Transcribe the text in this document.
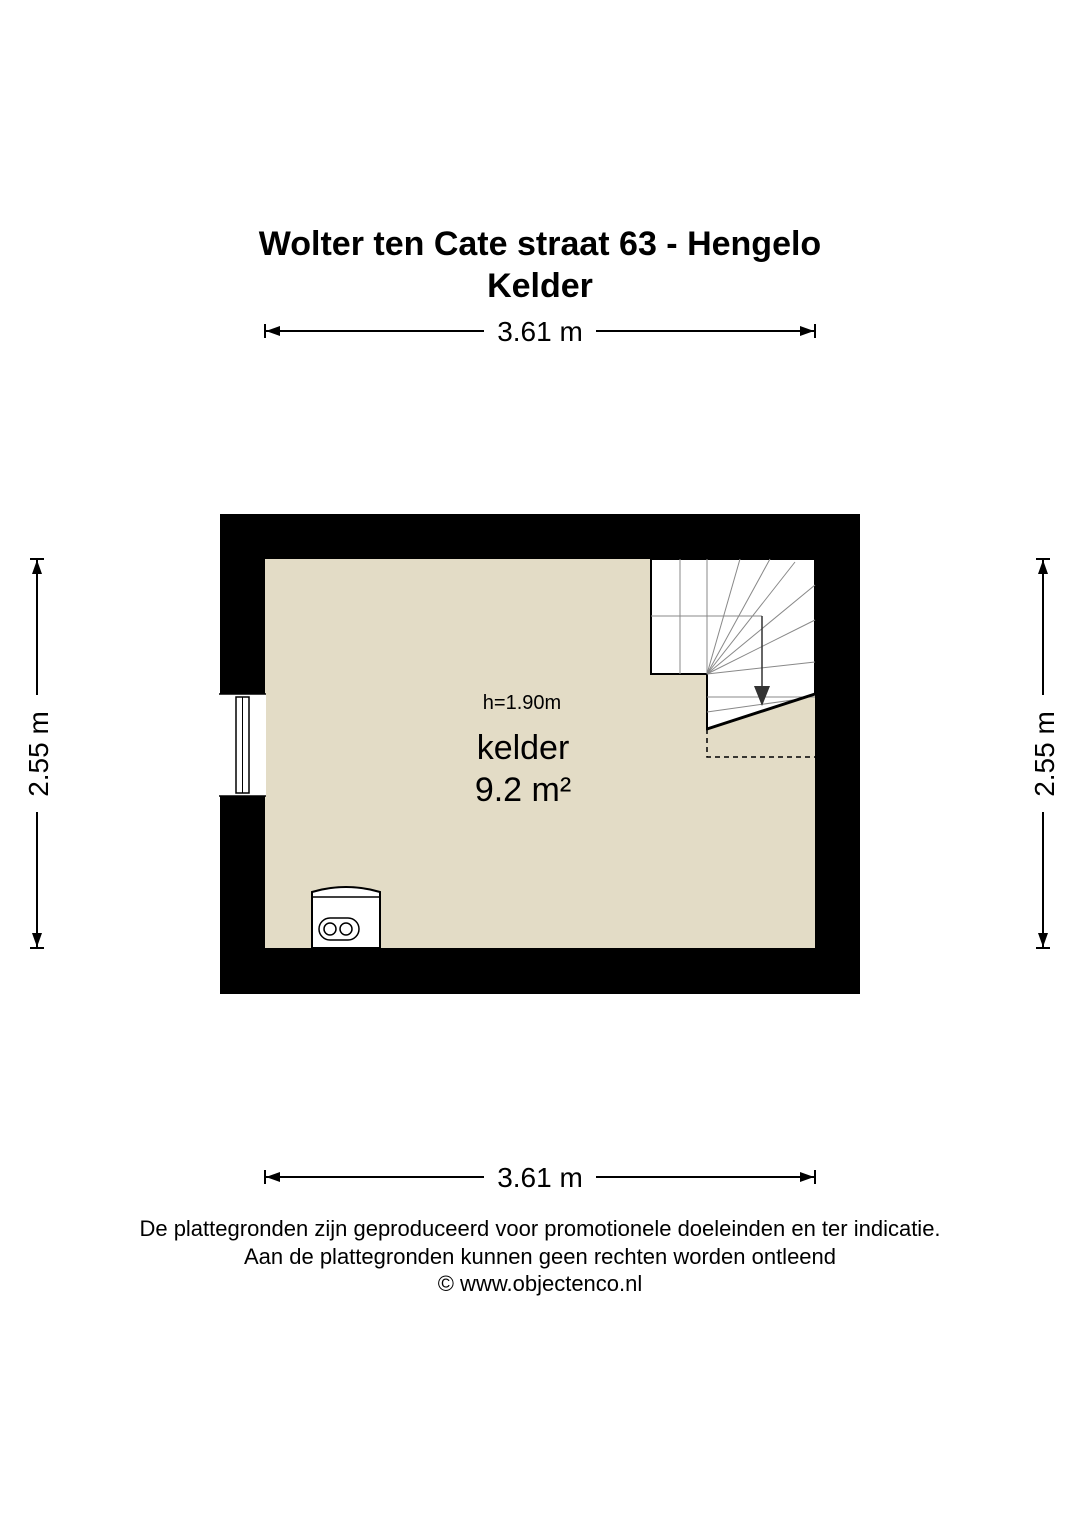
Wolter ten Cate straat 63 - Hengelo
Kelder
3.61 m
2.55 m	2.55 m
h=1.90m
kelder
9.2 m²
3.61 m

De plattegronden zijn geproduceerd voor promotionele doeleinden en ter indicatie.

Aan de plattegronden kunnen geen rechten worden ontleend

© www.objectenco.nl
